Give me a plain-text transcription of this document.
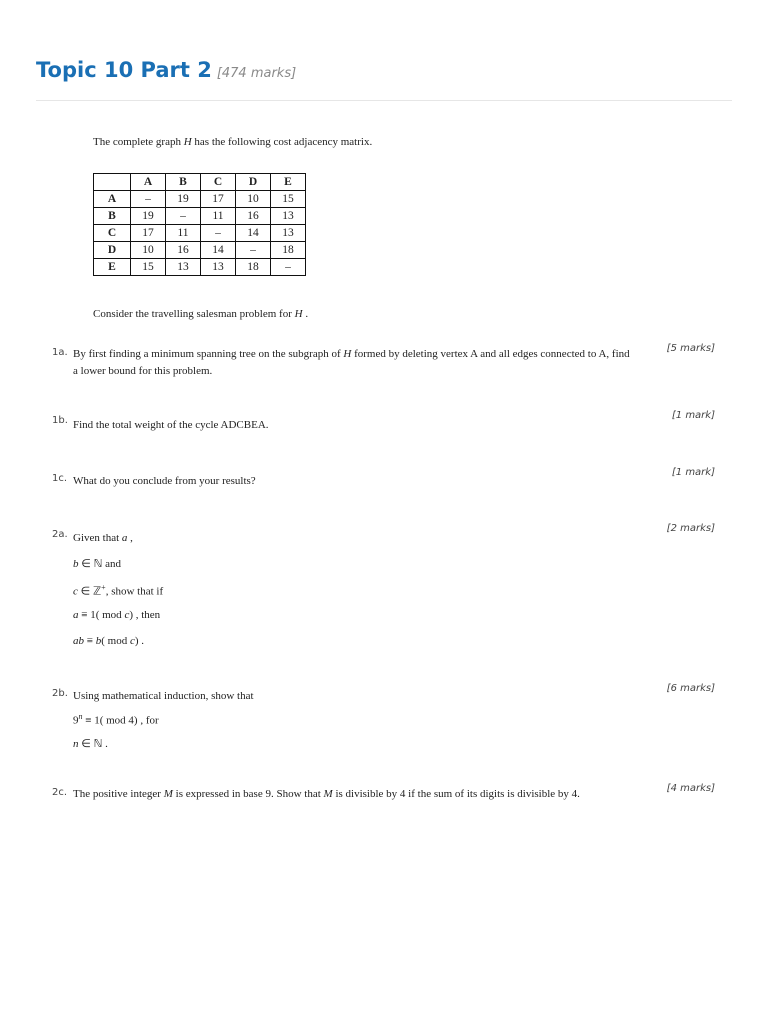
Topic 10 Part 2 [474 marks]
The complete graph H has the following cost adjacency matrix.
	A	B	C	D	E
A	–	19	17	10	15
B	19	–	11	16	13
C	17	11	–	14	13
D	10	16	14	–	18
E	15	13	13	18	–
Consider the travelling salesman problem for H .
1a.	[5 marks]
By first finding a minimum spanning tree on the subgraph of H formed by deleting vertex A and all edges connected to A, find
a lower bound for this problem.
1b.	[1 mark]
Find the total weight of the cycle ADCBEA.
1c.
[1 mark]
What do you conclude from your results?
2a.
[2 marks]
Given that a ,
b ∈ ℕ and
c ∈ ℤ+, show that if
a ≡ 1( mod c) , then
ab ≡ b( mod c) .
2b.	[6 marks]
Using mathematical induction, show that
$9^n \equiv 1$( mod 4) , for
n ∈ ℕ .
2c.	[4 marks]
The positive integer M is expressed in base 9. Show that M is divisible by 4 if the sum of its digits is divisible by 4.
